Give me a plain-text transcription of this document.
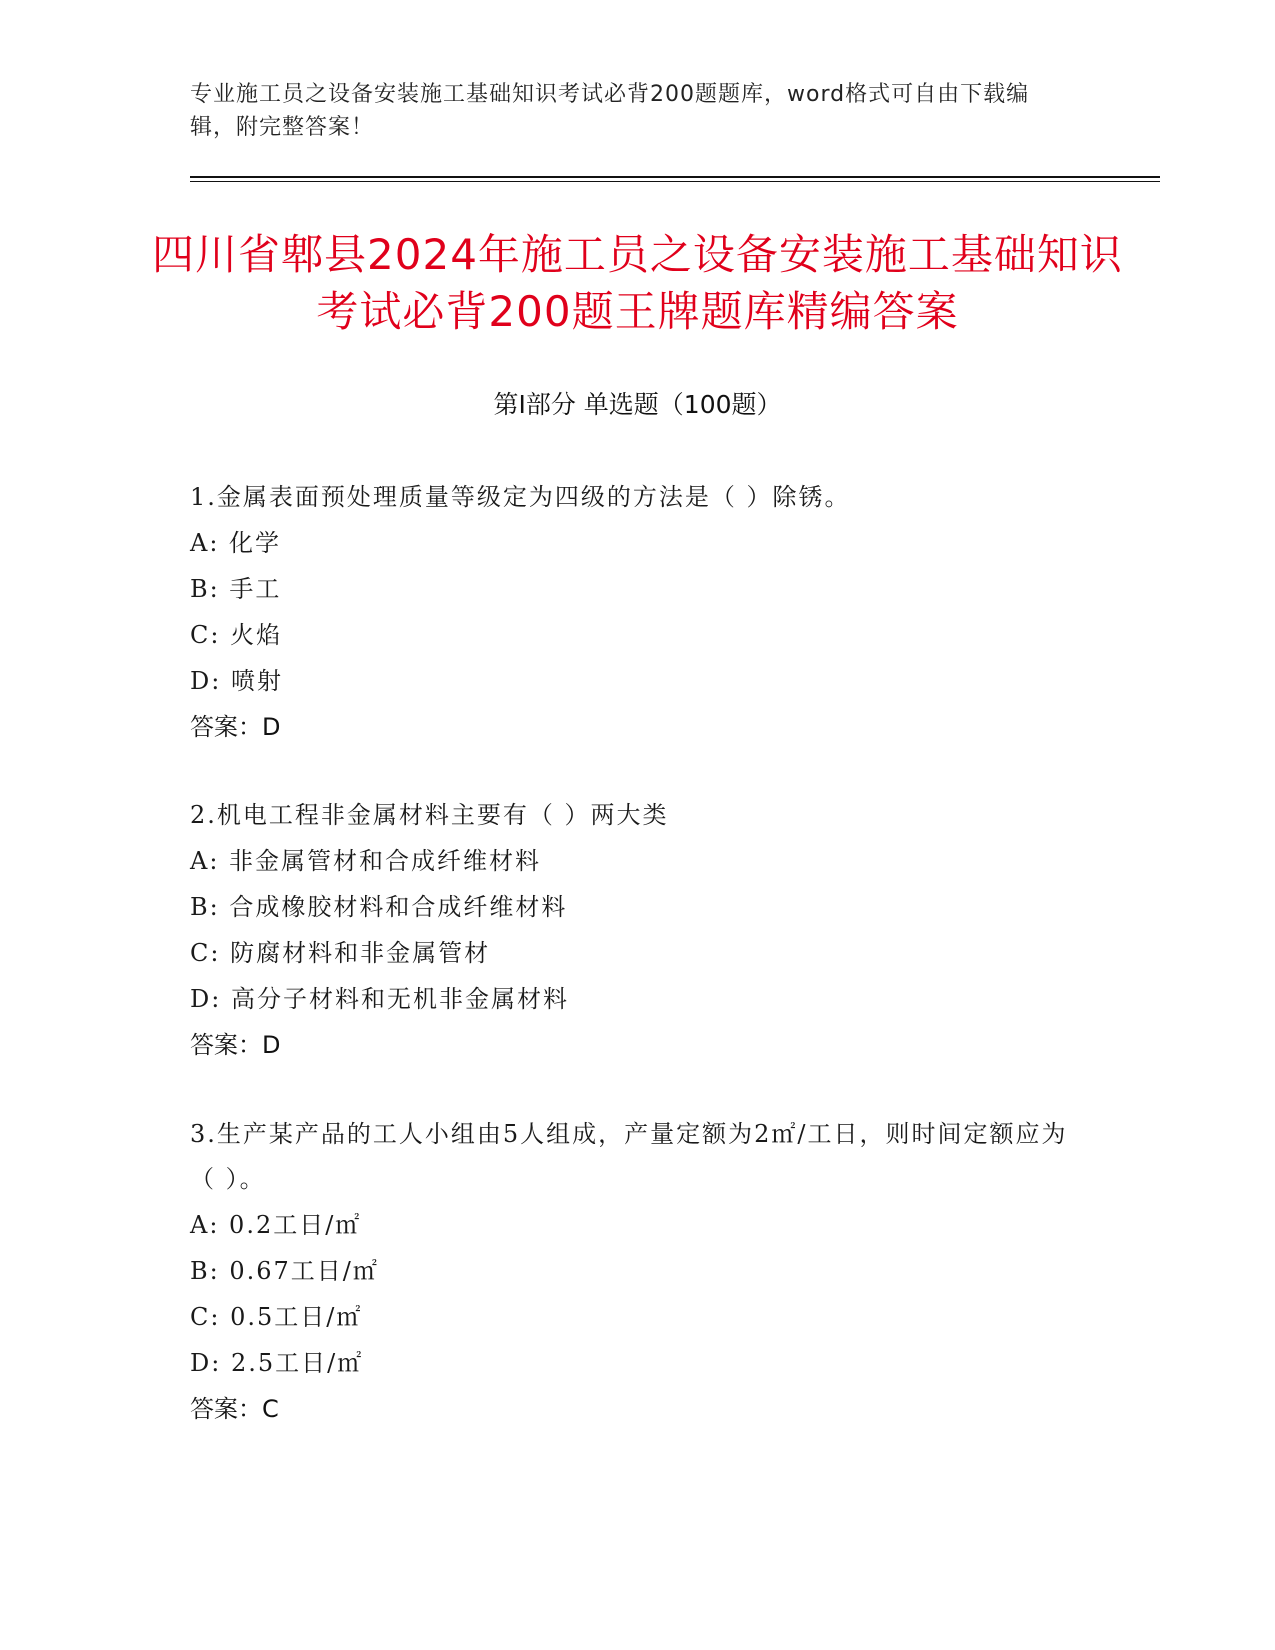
专业施工员之设备安装施工基础知识考试必背200题题库，word格式可自由下载编辑，附完整答案！
四川省郫县2024年施工员之设备安装施工基础知识考试必背200题王牌题库精编答案
第Ⅰ部分 单选题（100题）
1.金属表面预处理质量等级定为四级的方法是（ ）除锈。
A: 化学
B: 手工
C: 火焰
D: 喷射
答案：D
2.机电工程非金属材料主要有（ ）两大类
A: 非金属管材和合成纤维材料
B: 合成橡胶材料和合成纤维材料
C: 防腐材料和非金属管材
D: 高分子材料和无机非金属材料
答案：D
3.生产某产品的工人小组由5人组成，产量定额为2㎡/工日，则时间定额应为（ ）。
A: 0.2工日/㎡
B: 0.67工日/㎡
C: 0.5工日/㎡
D: 2.5工日/㎡
答案：C
